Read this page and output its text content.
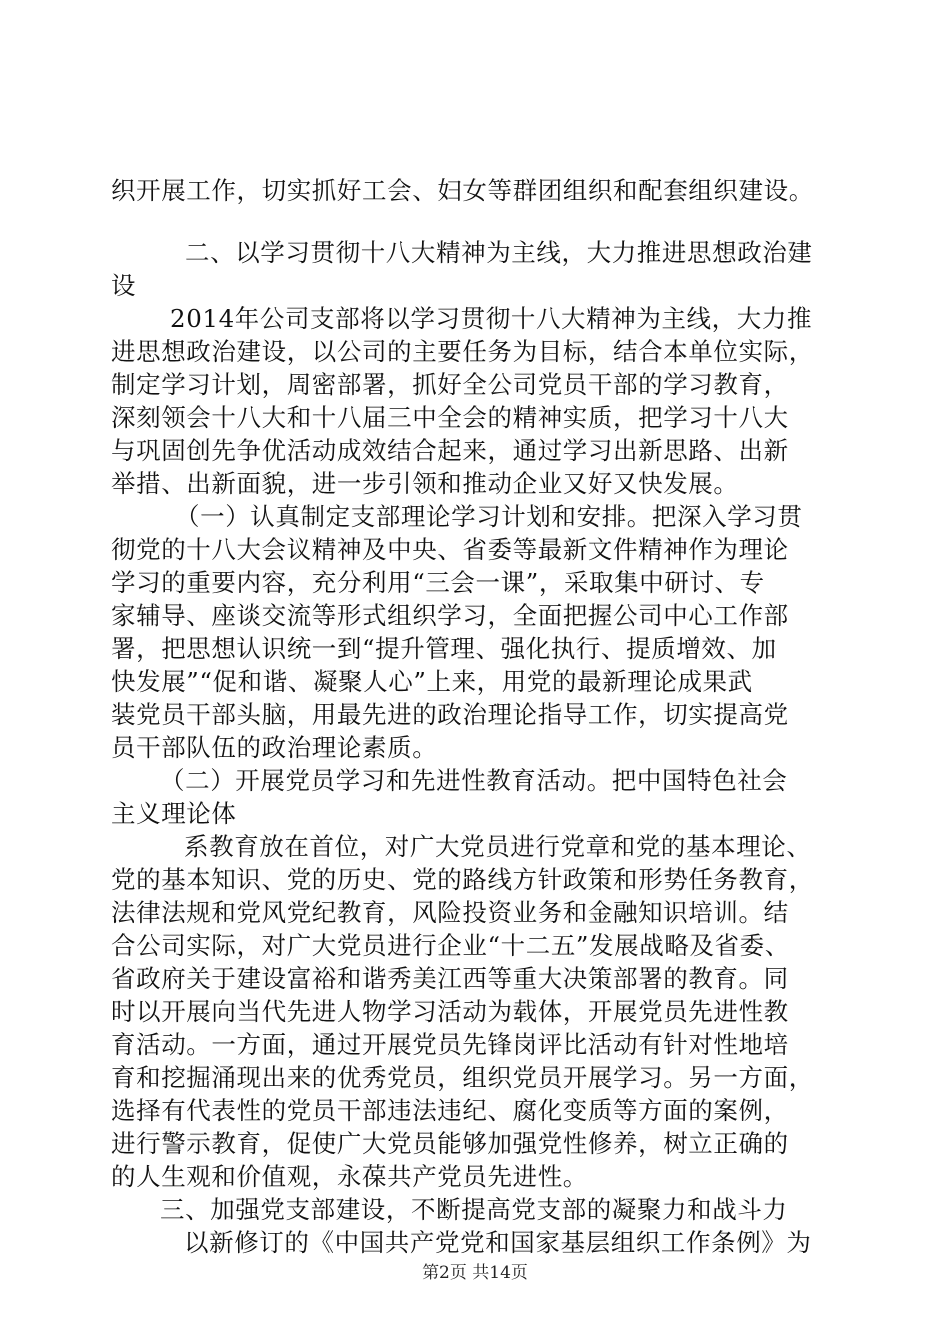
织开展工作，切实抓好工会、妇女等群团组织和配套组织建设。
二、以学习贯彻十八大精神为主线，大力推进思想政治建
设
2014年公司支部将以学习贯彻十八大精神为主线，大力推
进思想政治建设，以公司的主要任务为目标，结合本单位实际，
制定学习计划，周密部署，抓好全公司党员干部的学习教育，
深刻领会十八大和十八届三中全会的精神实质，把学习十八大
与巩固创先争优活动成效结合起来，通过学习出新思路、出新
举措、出新面貌，进一步引领和推动企业又好又快发展。
（一）认真制定支部理论学习计划和安排。把深入学习贯
彻党的十八大会议精神及中央、省委等最新文件精神作为理论
学习的重要内容，充分利用“三会一课”，采取集中研讨、专
家辅导、座谈交流等形式组织学习，全面把握公司中心工作部
署，把思想认识统一到“提升管理、强化执行、提质增效、加
快发展”“促和谐、凝聚人心”上来，用党的最新理论成果武
装党员干部头脑，用最先进的政治理论指导工作，切实提高党
员干部队伍的政治理论素质。
（二）开展党员学习和先进性教育活动。把中国特色社会
主义理论体
系教育放在首位，对广大党员进行党章和党的基本理论、
党的基本知识、党的历史、党的路线方针政策和形势任务教育，
法律法规和党风党纪教育，风险投资业务和金融知识培训。结
合公司实际，对广大党员进行企业“十二五”发展战略及省委、
省政府关于建设富裕和谐秀美江西等重大决策部署的教育。同
时以开展向当代先进人物学习活动为载体，开展党员先进性教
育活动。一方面，通过开展党员先锋岗评比活动有针对性地培
育和挖掘涌现出来的优秀党员，组织党员开展学习。另一方面，
选择有代表性的党员干部违法违纪、腐化变质等方面的案例，
进行警示教育，促使广大党员能够加强党性修养，树立正确的
的人生观和价值观，永葆共产党员先进性。
三、加强党支部建设，不断提高党支部的凝聚力和战斗力
以新修订的《中国共产党党和国家基层组织工作条例》为
第2页 共14页
